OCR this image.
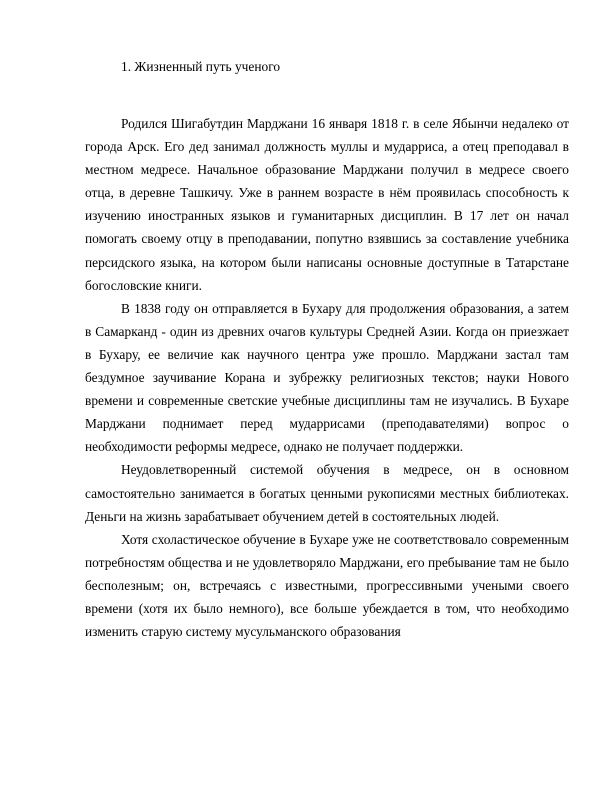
1. Жизненный путь ученого

Родился Шигабутдин Марджани 16 января 1818 г. в селе Ябынчи недалеко от города Арск. Его дед занимал должность муллы и мударриса, а отец преподавал в местном медресе. Начальное образование Марджани получил в медресе своего отца, в деревне Ташкичу. Уже в раннем возрасте в нём проявилась способность к изучению иностранных языков и гуманитарных дисциплин. В 17 лет он начал помогать своему отцу в преподавании, попутно взявшись за составление учебника персидского языка, на котором были написаны основные доступные в Татарстане богословские книги.

В 1838 году он отправляется в Бухару для продолжения образования, а затем в Самарканд - один из древних очагов культуры Средней Азии. Когда он приезжает в Бухару, ее величие как научного центра уже прошло. Марджани застал там бездумное заучивание Корана и зубрежку религиозных текстов; науки Нового времени и современные светские учебные дисциплины там не изучались. В Бухаре Марджани поднимает перед мударрисами (преподавателями) вопрос о необходимости реформы медресе, однако не получает поддержки.

Неудовлетворенный системой обучения в медресе, он в основном самостоятельно занимается в богатых ценными рукописями местных библиотеках. Деньги на жизнь зарабатывает обучением детей в состоятельных людей.

Хотя схоластическое обучение в Бухаре уже не соответствовало современным потребностям общества и не удовлетворяло Марджани, его пребывание там не было бесполезным; он, встречаясь с известными, прогрессивными учеными своего времени (хотя их было немного), все больше убеждается в том, что необходимо изменить старую систему мусульманского образования
